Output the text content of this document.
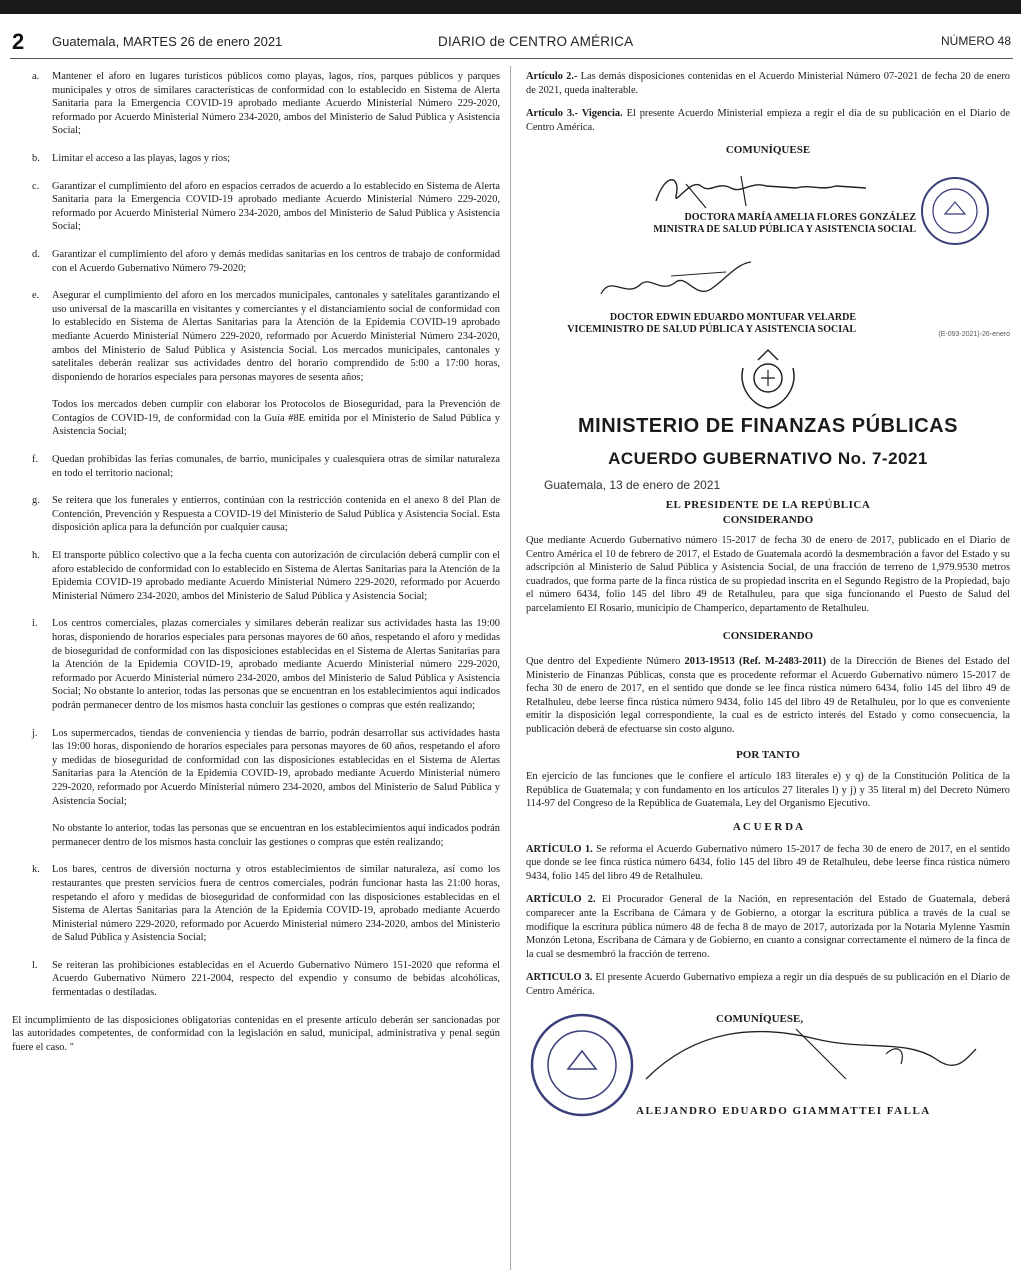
2 Guatemala, MARTES 26 de enero 2021	DIARIO de CENTRO AMÉRICA	NÚMERO 48
a. Mantener el aforo en lugares turísticos públicos como playas, lagos, ríos, parques públicos y parques municipales y otros de similares características de conformidad con lo establecido en Sistema de Alerta Sanitaria para la Emergencia COVID-19 aprobado mediante Acuerdo Ministerial Número 229-2020, reformado por Acuerdo Ministerial Número 234-2020, ambos del Ministerio de Salud Pública y Asistencia Social;
b. Limitar el acceso a las playas, lagos y ríos;
c. Garantizar el cumplimiento del aforo en espacios cerrados de acuerdo a lo establecido en Sistema de Alerta Sanitaria para la Emergencia COVID-19 aprobado mediante Acuerdo Ministerial Número 229-2020, reformado por Acuerdo Ministerial Número 234-2020, ambos del Ministerio de Salud Pública y Asistencia Social;
d. Garantizar el cumplimiento del aforo y demás medidas sanitarias en los centros de trabajo de conformidad con el Acuerdo Gubernativo Número 79-2020;
e. Asegurar el cumplimiento del aforo en los mercados municipales, cantonales y satelitales garantizando el uso universal de la mascarilla en visitantes y comerciantes y el distanciamiento social de conformidad con lo establecido en Sistema de Alertas Sanitarias para la Atención de la Epidemia COVID-19 aprobado mediante Acuerdo Ministerial Número 229-2020, reformado por Acuerdo Ministerial Número 234-2020, ambos del Ministerio de Salud Pública y Asistencia Social. Los mercados municipales, cantonales y satelitales deberán realizar sus actividades dentro del horario comprendido de 5:00 a 17:00 horas, disponiendo de horarios especiales para personas mayores de sesenta años;
Todos los mercados deben cumplir con elaborar los Protocolos de Bioseguridad, para la Prevención de Contagios de COVID-19, de conformidad con la Guía #8E emitida por el Ministerio de Salud Pública y Asistencia Social;
f. Quedan prohibidas las ferias comunales, de barrio, municipales y cualesquiera otras de similar naturaleza en todo el territorio nacional;
g. Se reitera que los funerales y entierros, continúan con la restricción contenida en el anexo 8 del Plan de Contención, Prevención y Respuesta a COVID-19 del Ministerio de Salud Pública y Asistencia Social. Esta disposición aplica para la defunción por cualquier causa;
h. El transporte público colectivo que a la fecha cuenta con autorización de circulación deberá cumplir con el aforo establecido de conformidad con lo establecido en Sistema de Alertas Sanitarias para la Atención de la Epidemia COVID-19 aprobado mediante Acuerdo Ministerial Número 229-2020, reformado por Acuerdo Ministerial Número 234-2020, ambos del Ministerio de Salud Pública y Asistencia Social;
i. Los centros comerciales, plazas comerciales y similares deberán realizar sus actividades hasta las 19:00 horas, disponiendo de horarios especiales para personas mayores de 60 años, respetando el aforo y medidas de bioseguridad de conformidad con las disposiciones establecidas en el Sistema de Alertas Sanitarias para la Atención de la Epidemia COVID-19, aprobado mediante Acuerdo Ministerial número 229-2020, reformado por Acuerdo Ministerial número 234-2020, ambos del Ministerio de Salud Pública y Asistencia Social; No obstante lo anterior, todas las personas que se encuentran en los establecimientos aquí indicados podrán permanecer dentro de los mismos hasta concluir las gestiones o compras que estén realizando;
j. Los supermercados, tiendas de conveniencia y tiendas de barrio, podrán desarrollar sus actividades hasta las 19:00 horas, disponiendo de horarios especiales para personas mayores de 60 años, respetando el aforo y medidas de bioseguridad de conformidad con las disposiciones establecidas en el Sistema de Alertas Sanitarias para la Atención de la Epidemia COVID-19, aprobado mediante Acuerdo Ministerial número 229-2020, reformado por Acuerdo Ministerial número 234-2020, ambos del Ministerio de Salud Pública y Asistencia Social;
No obstante lo anterior, todas las personas que se encuentran en los establecimientos aquí indicados podrán permanecer dentro de los mismos hasta concluir las gestiones o compras que estén realizando;
k. Los bares, centros de diversión nocturna y otros establecimientos de similar naturaleza, así como los restaurantes que presten servicios fuera de centros comerciales, podrán funcionar hasta las 21:00 horas, respetando el aforo y medidas de bioseguridad de conformidad con las disposiciones establecidas en el Sistema de Alertas Sanitarias para la Atención de la Epidemia COVID-19, aprobado mediante Acuerdo Ministerial número 229-2020, reformado por Acuerdo Ministerial número 234-2020, ambos del Ministerio de Salud Pública y Asistencia Social;
l. Se reiteran las prohibiciones establecidas en el Acuerdo Gubernativo Número 151-2020 que reforma el Acuerdo Gubernativo Número 221-2004, respecto del expendio y consumo de bebidas alcohólicas, fermentadas o destiladas.

El incumplimiento de las disposiciones obligatorias contenidas en el presente artículo deberán ser sancionadas por las autoridades competentes, de conformidad con la legislación en salud, municipal, administrativa y penal según fuere el caso. "

Artículo 2.- Las demás disposiciones contenidas en el Acuerdo Ministerial Número 07-2021 de fecha 20 de enero de 2021, queda inalterable.

Artículo 3.- Vigencia. El presente Acuerdo Ministerial empieza a regir el día de su publicación en el Diario de Centro América.

COMUNÍQUESE
DOCTORA MARÍA AMELIA FLORES GONZÁLEZ
MINISTRA DE SALUD PÚBLICA Y ASISTENCIA SOCIAL
DOCTOR EDWIN EDUARDO MONTUFAR VELARDE
VICEMINISTRO DE SALUD PÚBLICA Y ASISTENCIA SOCIAL	(E-093-2021)-26-enero
MINISTERIO DE FINANZAS PÚBLICAS
ACUERDO GUBERNATIVO No. 7-2021
Guatemala, 13 de enero de 2021
EL PRESIDENTE DE LA REPÚBLICA
CONSIDERANDO

Que mediante Acuerdo Gubernativo número 15-2017 de fecha 30 de enero de 2017, publicado en el Diario de Centro América el 10 de febrero de 2017, el Estado de Guatemala acordó la desmembración a favor del Estado y su adscripción al Ministerio de Salud Pública y Asistencia Social, de una fracción de terreno de 1,979.9530 metros cuadrados, que forma parte de la finca rústica de su propiedad inscrita en el Segundo Registro de la Propiedad, bajo el número 6434, folio 145 del libro 49 de Retalhuleu, para que siga funcionando el Puesto de Salud del parcelamiento El Rosario, municipio de Champerico, departamento de Retalhuleu.

CONSIDERANDO

Que dentro del Expediente Número 2013-19513 (Ref. M-2483-2011) de la Dirección de Bienes del Estado del Ministerio de Finanzas Públicas, consta que es procedente reformar el Acuerdo Gubernativo número 15-2017 de fecha 30 de enero de 2017, en el sentido que donde se lee finca rústica número 6434, folio 145 del libro 49 de Retalhuleu, debe leerse finca rústica número 9434, folio 145 del libro 49 de Retalhuleu, por lo que es conveniente emitir la disposición legal correspondiente, la cual es de estricto interés del Estado y como consecuencia, la publicación deberá de efectuarse sin costo alguno.

POR TANTO

En ejercicio de las funciones que le confiere el artículo 183 literales e) y q) de la Constitución Política de la República de Guatemala; y con fundamento en los artículos 27 literales l) y j) y 35 literal m) del Decreto Número 114-97 del Congreso de la República de Guatemala, Ley del Organismo Ejecutivo.

A C U E R D A

ARTÍCULO 1. Se reforma el Acuerdo Gubernativo número 15-2017 de fecha 30 de enero de 2017, en el sentido que donde se lee finca rústica número 6434, folio 145 del libro 49 de Retalhuleu, debe leerse finca rústica número 9434, folio 145 del libro 49 de Retalhuleu.

ARTÍCULO 2. El Procurador General de la Nación, en representación del Estado de Guatemala, deberá comparecer ante la Escribana de Cámara y de Gobierno, a otorgar la escritura pública a través de la cual se modifique la escritura pública número 48 de fecha 8 de mayo de 2017, autorizada por la Notaria Mylenne Yasmín Monzón Letona, Escribana de Cámara y de Gobierno, en cuanto a consignar correctamente el número de la finca de la cual se desmembró la fracción de terreno.

ARTICULO 3. El presente Acuerdo Gubernativo empieza a regir un día después de su publicación en el Diario de Centro América.

COMUNÍQUESE,
ALEJANDRO EDUARDO GIAMMATTEI FALLA
